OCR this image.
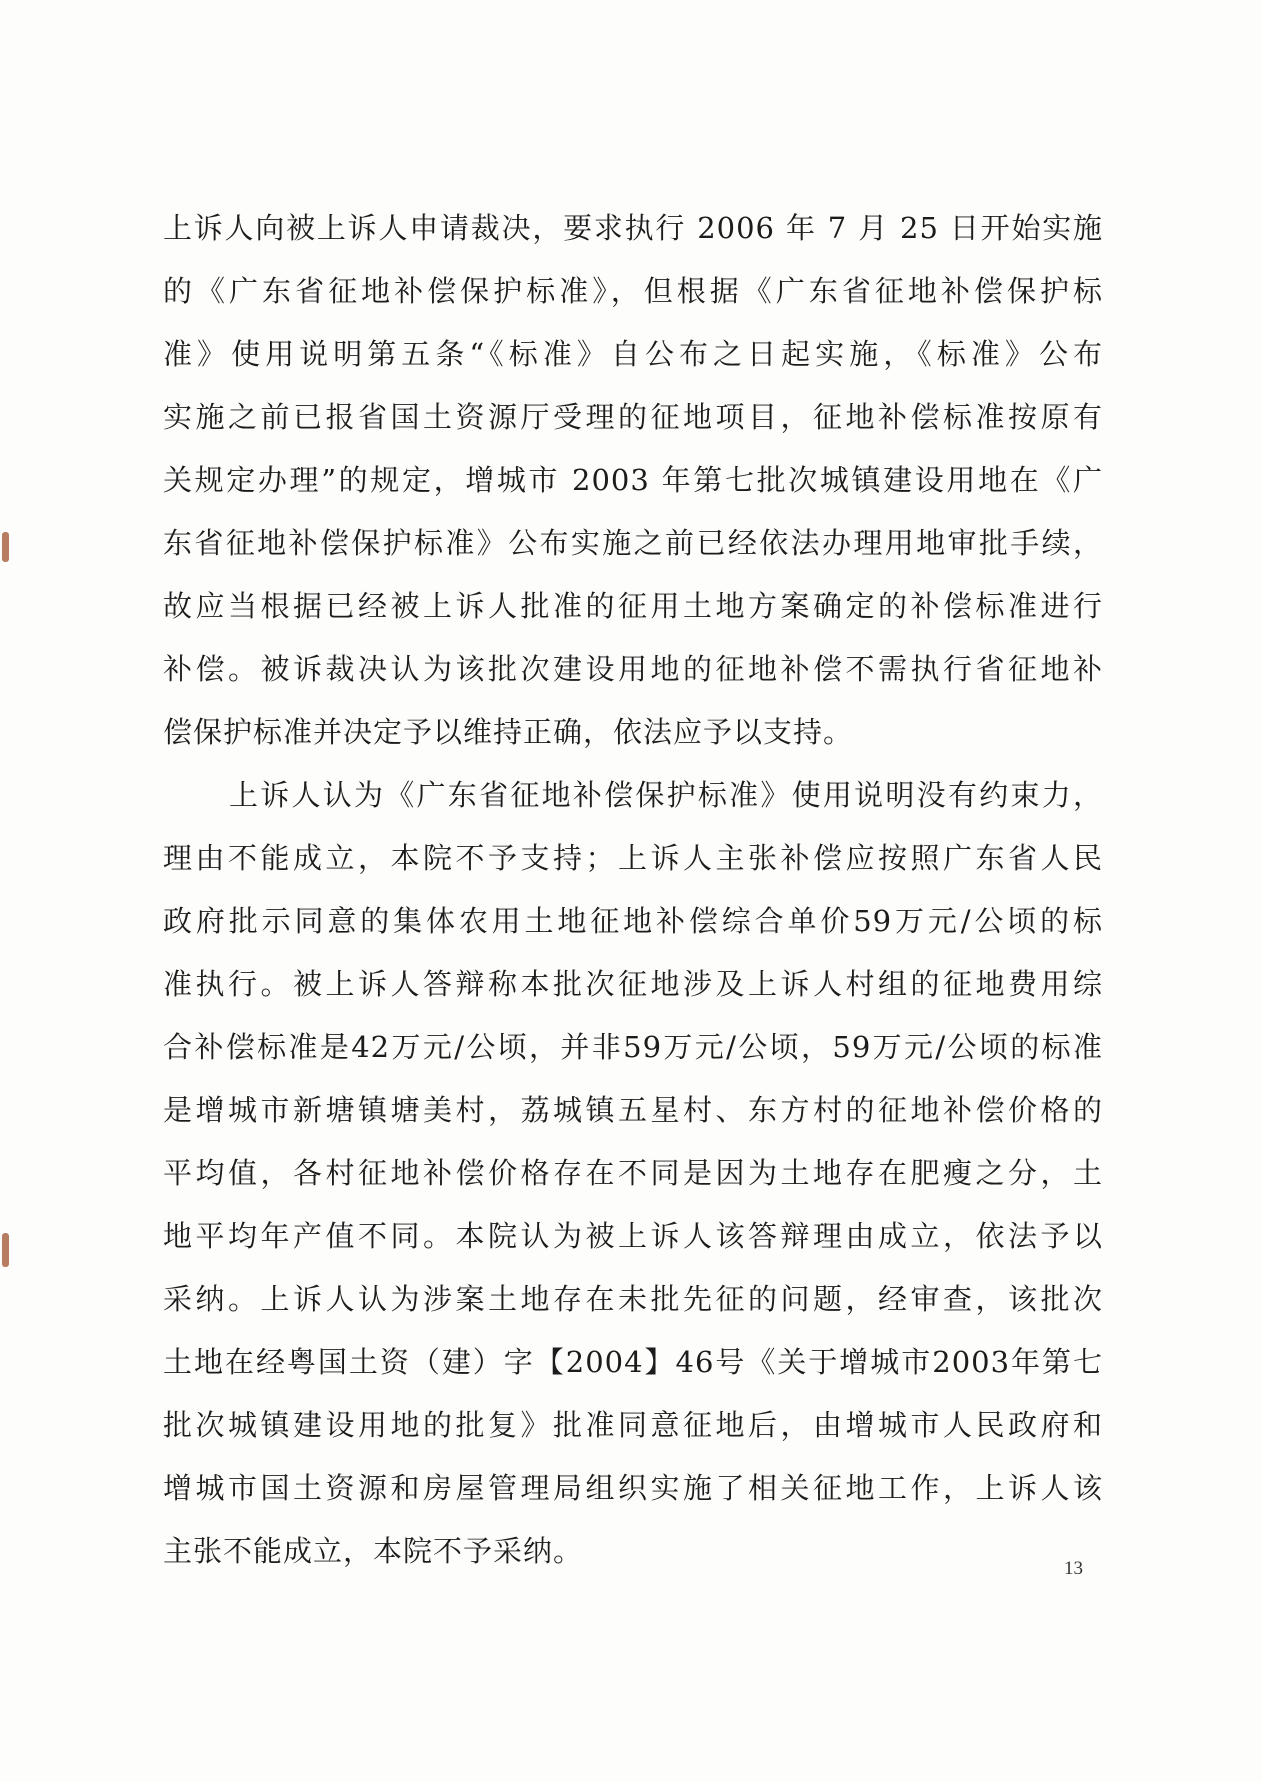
上诉人向被上诉人申请裁决，要求执行 2006 年 7 月 25 日开始实施
的《广东省征地补偿保护标准》，但根据《广东省征地补偿保护标
准》使用说明第五条“《标准》自公布之日起实施，《标准》公布
实施之前已报省国土资源厅受理的征地项目，征地补偿标准按原有
关规定办理”的规定，增城市 2003 年第七批次城镇建设用地在《广
东省征地补偿保护标准》公布实施之前已经依法办理用地审批手续，
故应当根据已经被上诉人批准的征用土地方案确定的补偿标准进行
补偿。被诉裁决认为该批次建设用地的征地补偿不需执行省征地补
偿保护标准并决定予以维持正确，依法应予以支持。
上诉人认为《广东省征地补偿保护标准》使用说明没有约束力，
理由不能成立，本院不予支持；上诉人主张补偿应按照广东省人民
政府批示同意的集体农用土地征地补偿综合单价59万元/公顷的标
准执行。被上诉人答辩称本批次征地涉及上诉人村组的征地费用综
合补偿标准是42万元/公顷，并非59万元/公顷，59万元/公顷的标准
是增城市新塘镇塘美村，荔城镇五星村、东方村的征地补偿价格的
平均值，各村征地补偿价格存在不同是因为土地存在肥瘦之分，土
地平均年产值不同。本院认为被上诉人该答辩理由成立，依法予以
采纳。上诉人认为涉案土地存在未批先征的问题，经审查，该批次
土地在经粤国土资（建）字【2004】46号《关于增城市2003年第七
批次城镇建设用地的批复》批准同意征地后，由增城市人民政府和
增城市国土资源和房屋管理局组织实施了相关征地工作，上诉人该
主张不能成立，本院不予采纳。
13
